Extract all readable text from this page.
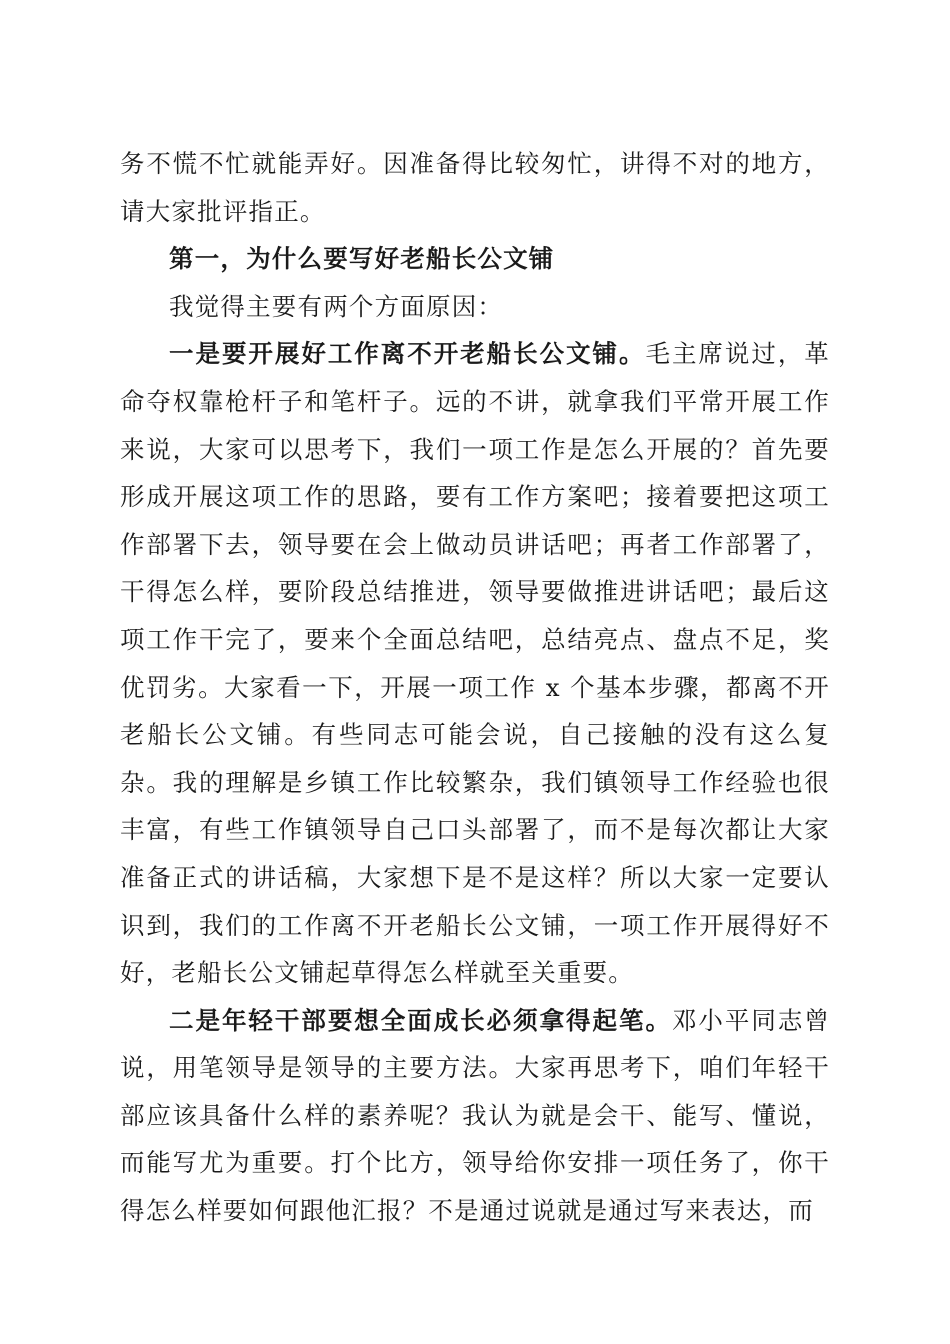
务不慌不忙就能弄好。因准备得比较匆忙，讲得不对的地方，请大家批评指正。

第一，为什么要写好老船长公文铺

我觉得主要有两个方面原因：

一是要开展好工作离不开老船长公文铺。毛主席说过，革命夺权靠枪杆子和笔杆子。远的不讲，就拿我们平常开展工作来说，大家可以思考下，我们一项工作是怎么开展的？首先要形成开展这项工作的思路，要有工作方案吧；接着要把这项工作部署下去，领导要在会上做动员讲话吧；再者工作部署了，干得怎么样，要阶段总结推进，领导要做推进讲话吧；最后这项工作干完了，要来个全面总结吧，总结亮点、盘点不足，奖优罚劣。大家看一下，开展一项工作 x 个基本步骤，都离不开老船长公文铺。有些同志可能会说，自己接触的没有这么复杂。我的理解是乡镇工作比较繁杂，我们镇领导工作经验也很丰富，有些工作镇领导自己口头部署了，而不是每次都让大家准备正式的讲话稿，大家想下是不是这样？所以大家一定要认识到，我们的工作离不开老船长公文铺，一项工作开展得好不好，老船长公文铺起草得怎么样就至关重要。

二是年轻干部要想全面成长必须拿得起笔。邓小平同志曾说，用笔领导是领导的主要方法。大家再思考下，咱们年轻干部应该具备什么样的素养呢？我认为就是会干、能写、懂说，而能写尤为重要。打个比方，领导给你安排一项任务了，你干得怎么样要如何跟他汇报？不是通过说就是通过写来表达，而
